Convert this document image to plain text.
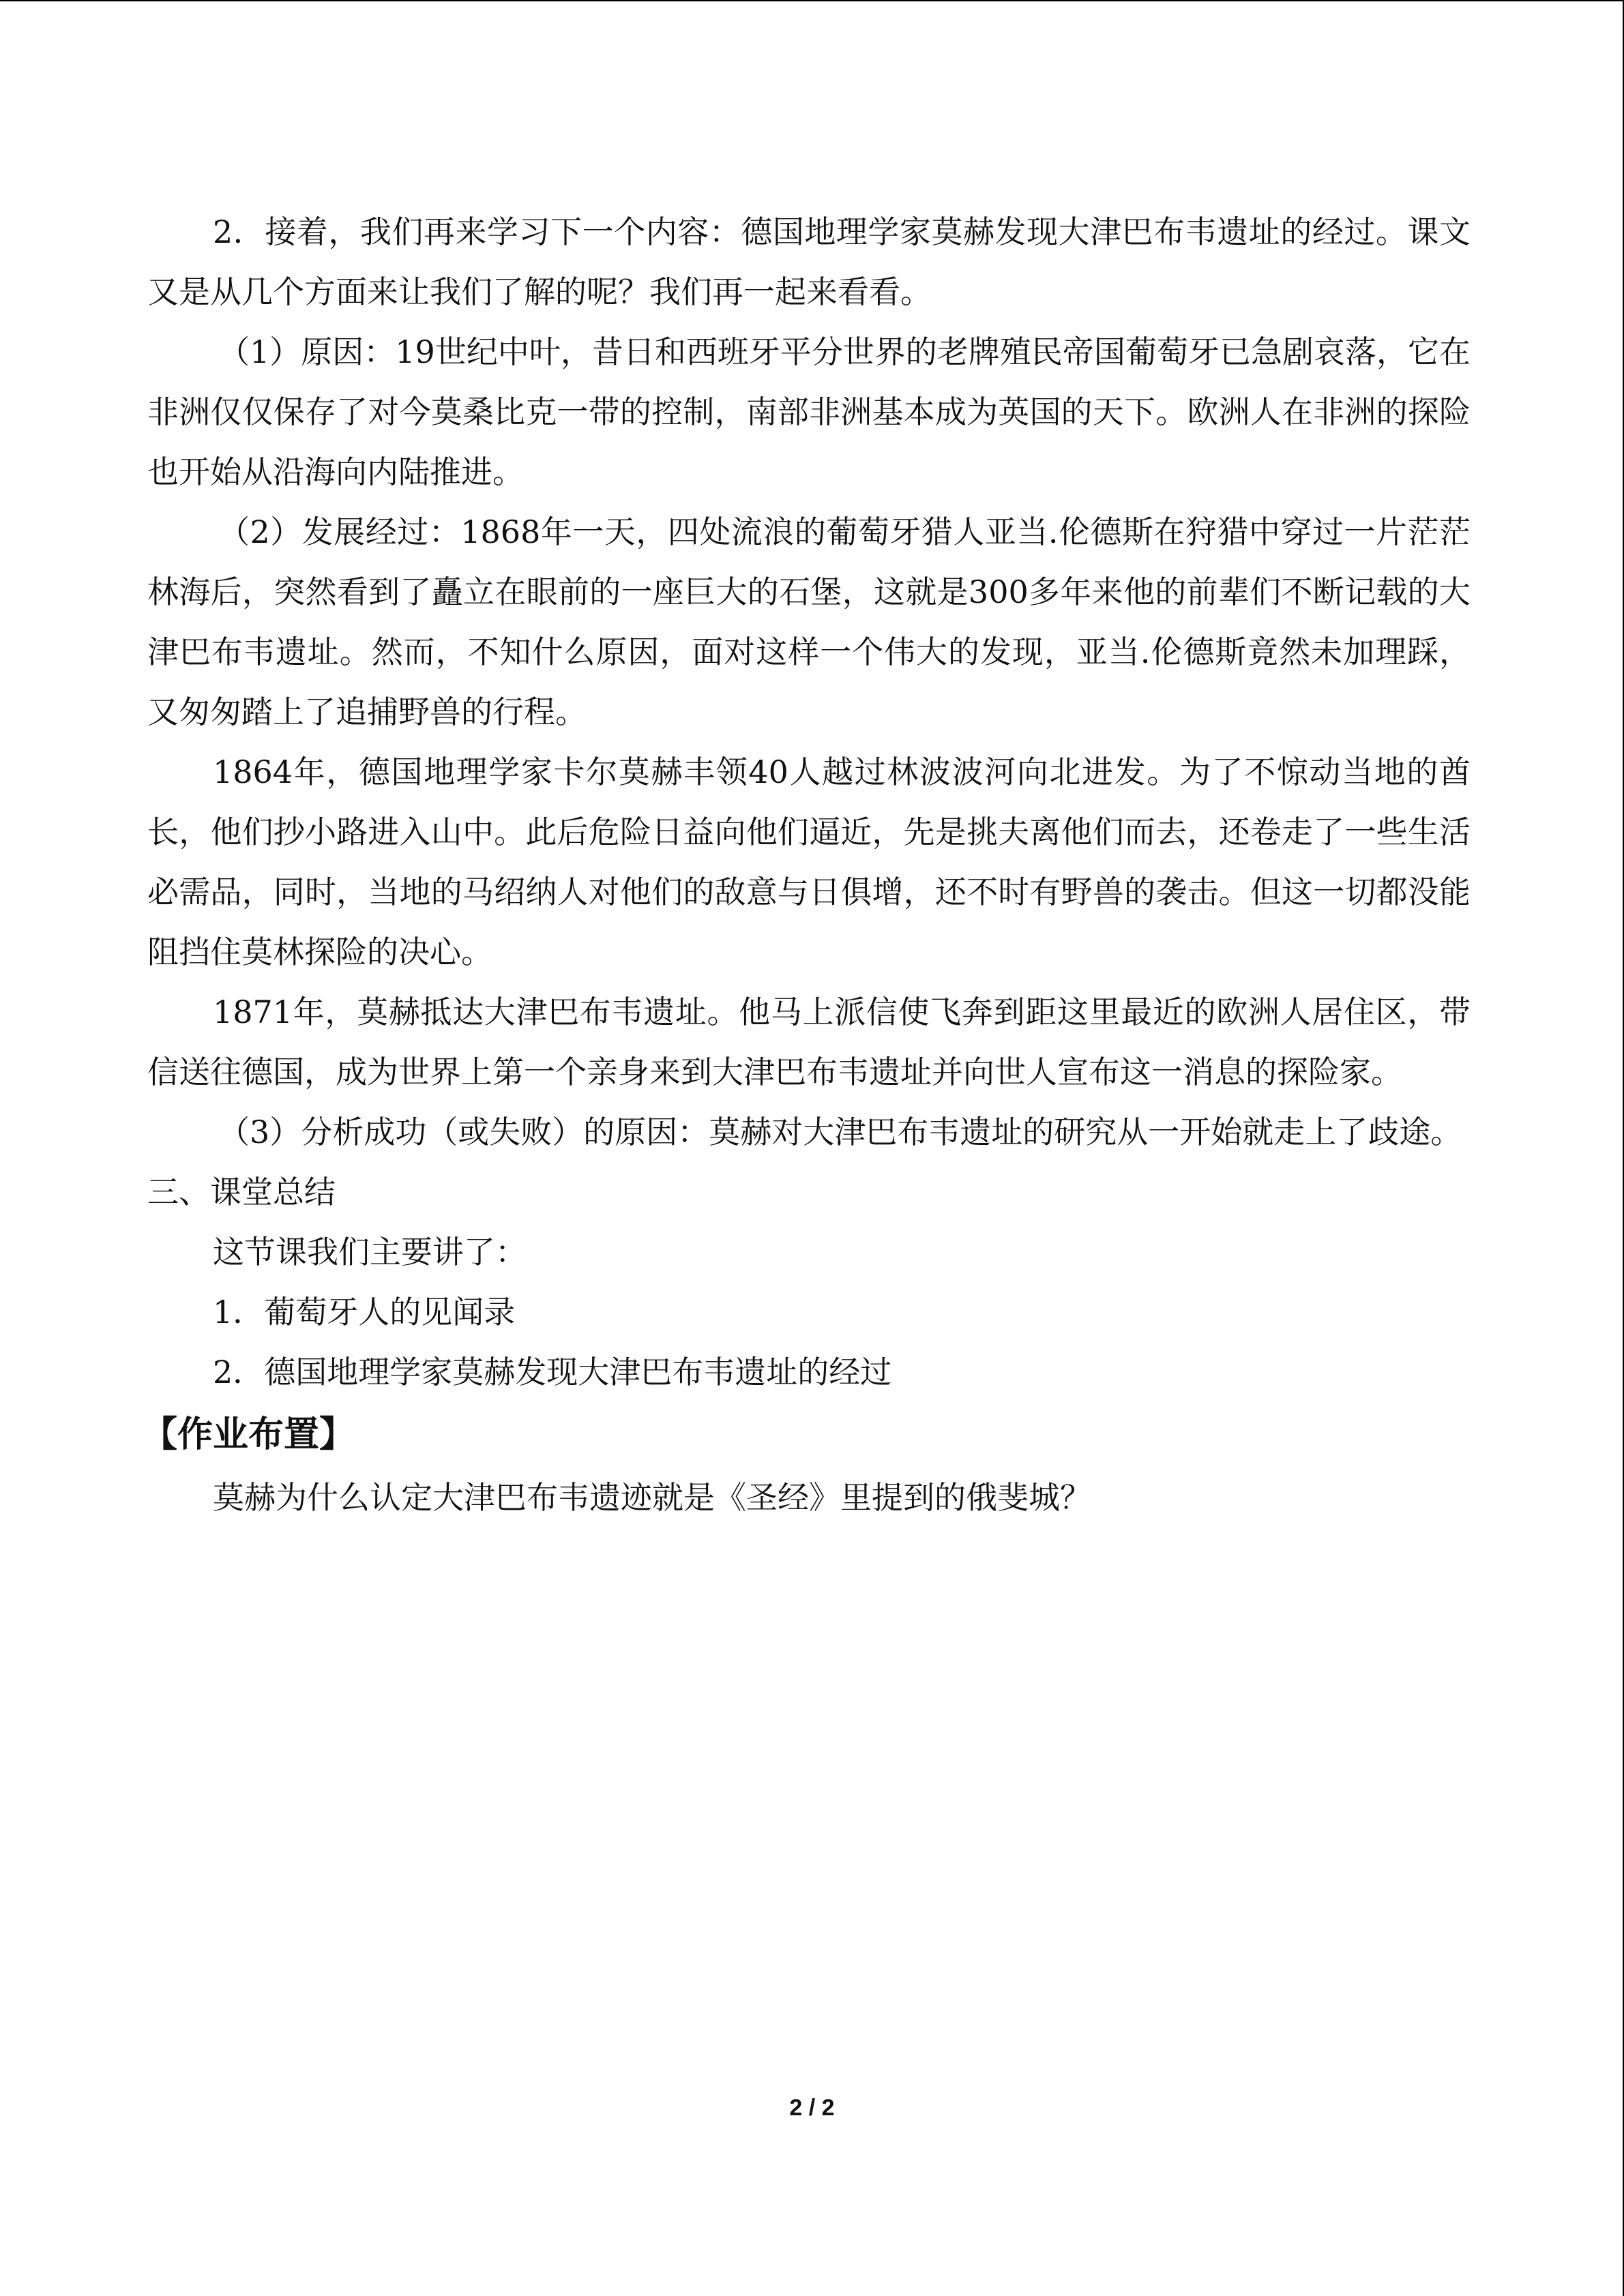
2．接着，我们再来学习下一个内容：德国地理学家莫赫发现大津巴布韦遗址的经过。课文又是从几个方面来让我们了解的呢？我们再一起来看看。

（1）原因：19世纪中叶，昔日和西班牙平分世界的老牌殖民帝国葡萄牙已急剧哀落，它在非洲仅仅保存了对今莫桑比克一带的控制，南部非洲基本成为英国的天下。欧洲人在非洲的探险也开始从沿海向内陆推进。

（2）发展经过：1868年一天，四处流浪的葡萄牙猎人亚当.伦德斯在狩猎中穿过一片茫茫林海后，突然看到了矗立在眼前的一座巨大的石堡，这就是300多年来他的前辈们不断记载的大津巴布韦遗址。然而，不知什么原因，面对这样一个伟大的发现，亚当.伦德斯竟然未加理踩，又匆匆踏上了追捕野兽的行程。

1864年，德国地理学家卡尔莫赫丰领40人越过林波波河向北进发。为了不惊动当地的酋长，他们抄小路进入山中。此后危险日益向他们逼近，先是挑夫离他们而去，还卷走了一些生活必需品，同时，当地的马绍纳人对他们的敌意与日俱增，还不时有野兽的袭击。但这一切都没能阻挡住莫林探险的决心。

1871年，莫赫抵达大津巴布韦遗址。他马上派信使飞奔到距这里最近的欧洲人居住区，带信送往德国，成为世界上第一个亲身来到大津巴布韦遗址并向世人宣布这一消息的探险家。

（3）分析成功（或失败）的原因：莫赫对大津巴布韦遗址的研究从一开始就走上了歧途。

三、课堂总结

这节课我们主要讲了：

1．葡萄牙人的见闻录

2．德国地理学家莫赫发现大津巴布韦遗址的经过

【作业布置】

莫赫为什么认定大津巴布韦遗迹就是《圣经》里提到的俄斐城？

2 / 2
